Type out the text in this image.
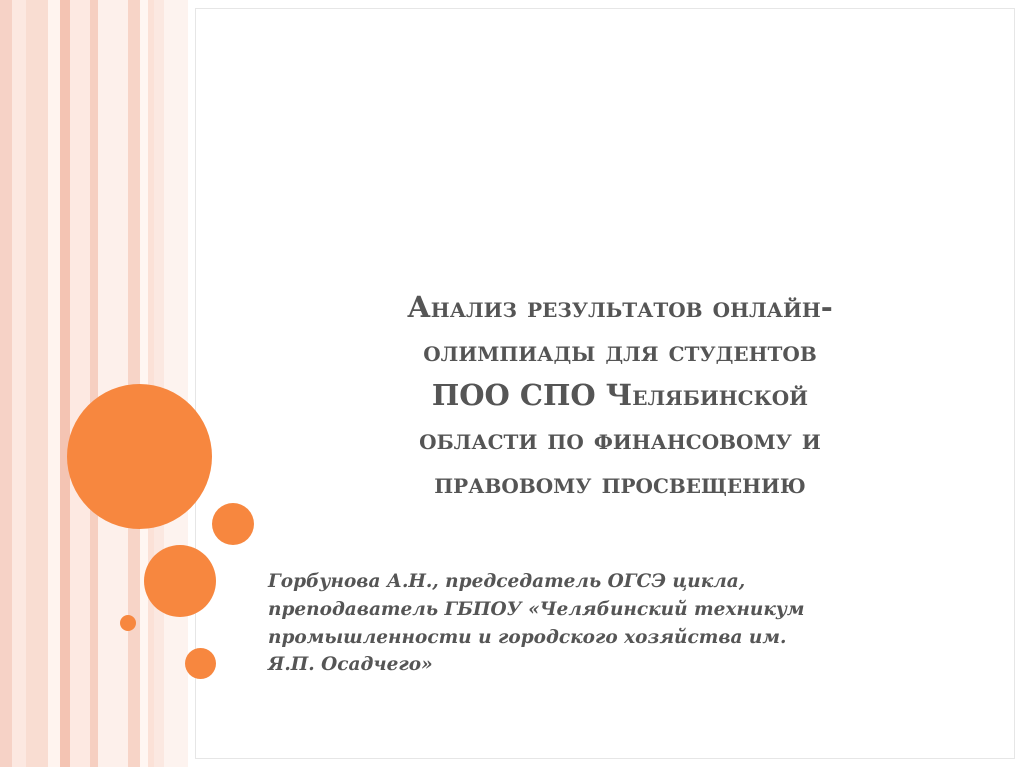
Анализ результатов онлайн-
олимпиады для студентов
ПОО СПО Челябинской
области по финансовому и
правовому просвещению

Горбунова А.Н., председатель ОГСЭ цикла,
преподаватель ГБПОУ «Челябинский техникум
промышленности и городского хозяйства им.
Я.П. Осадчего»
